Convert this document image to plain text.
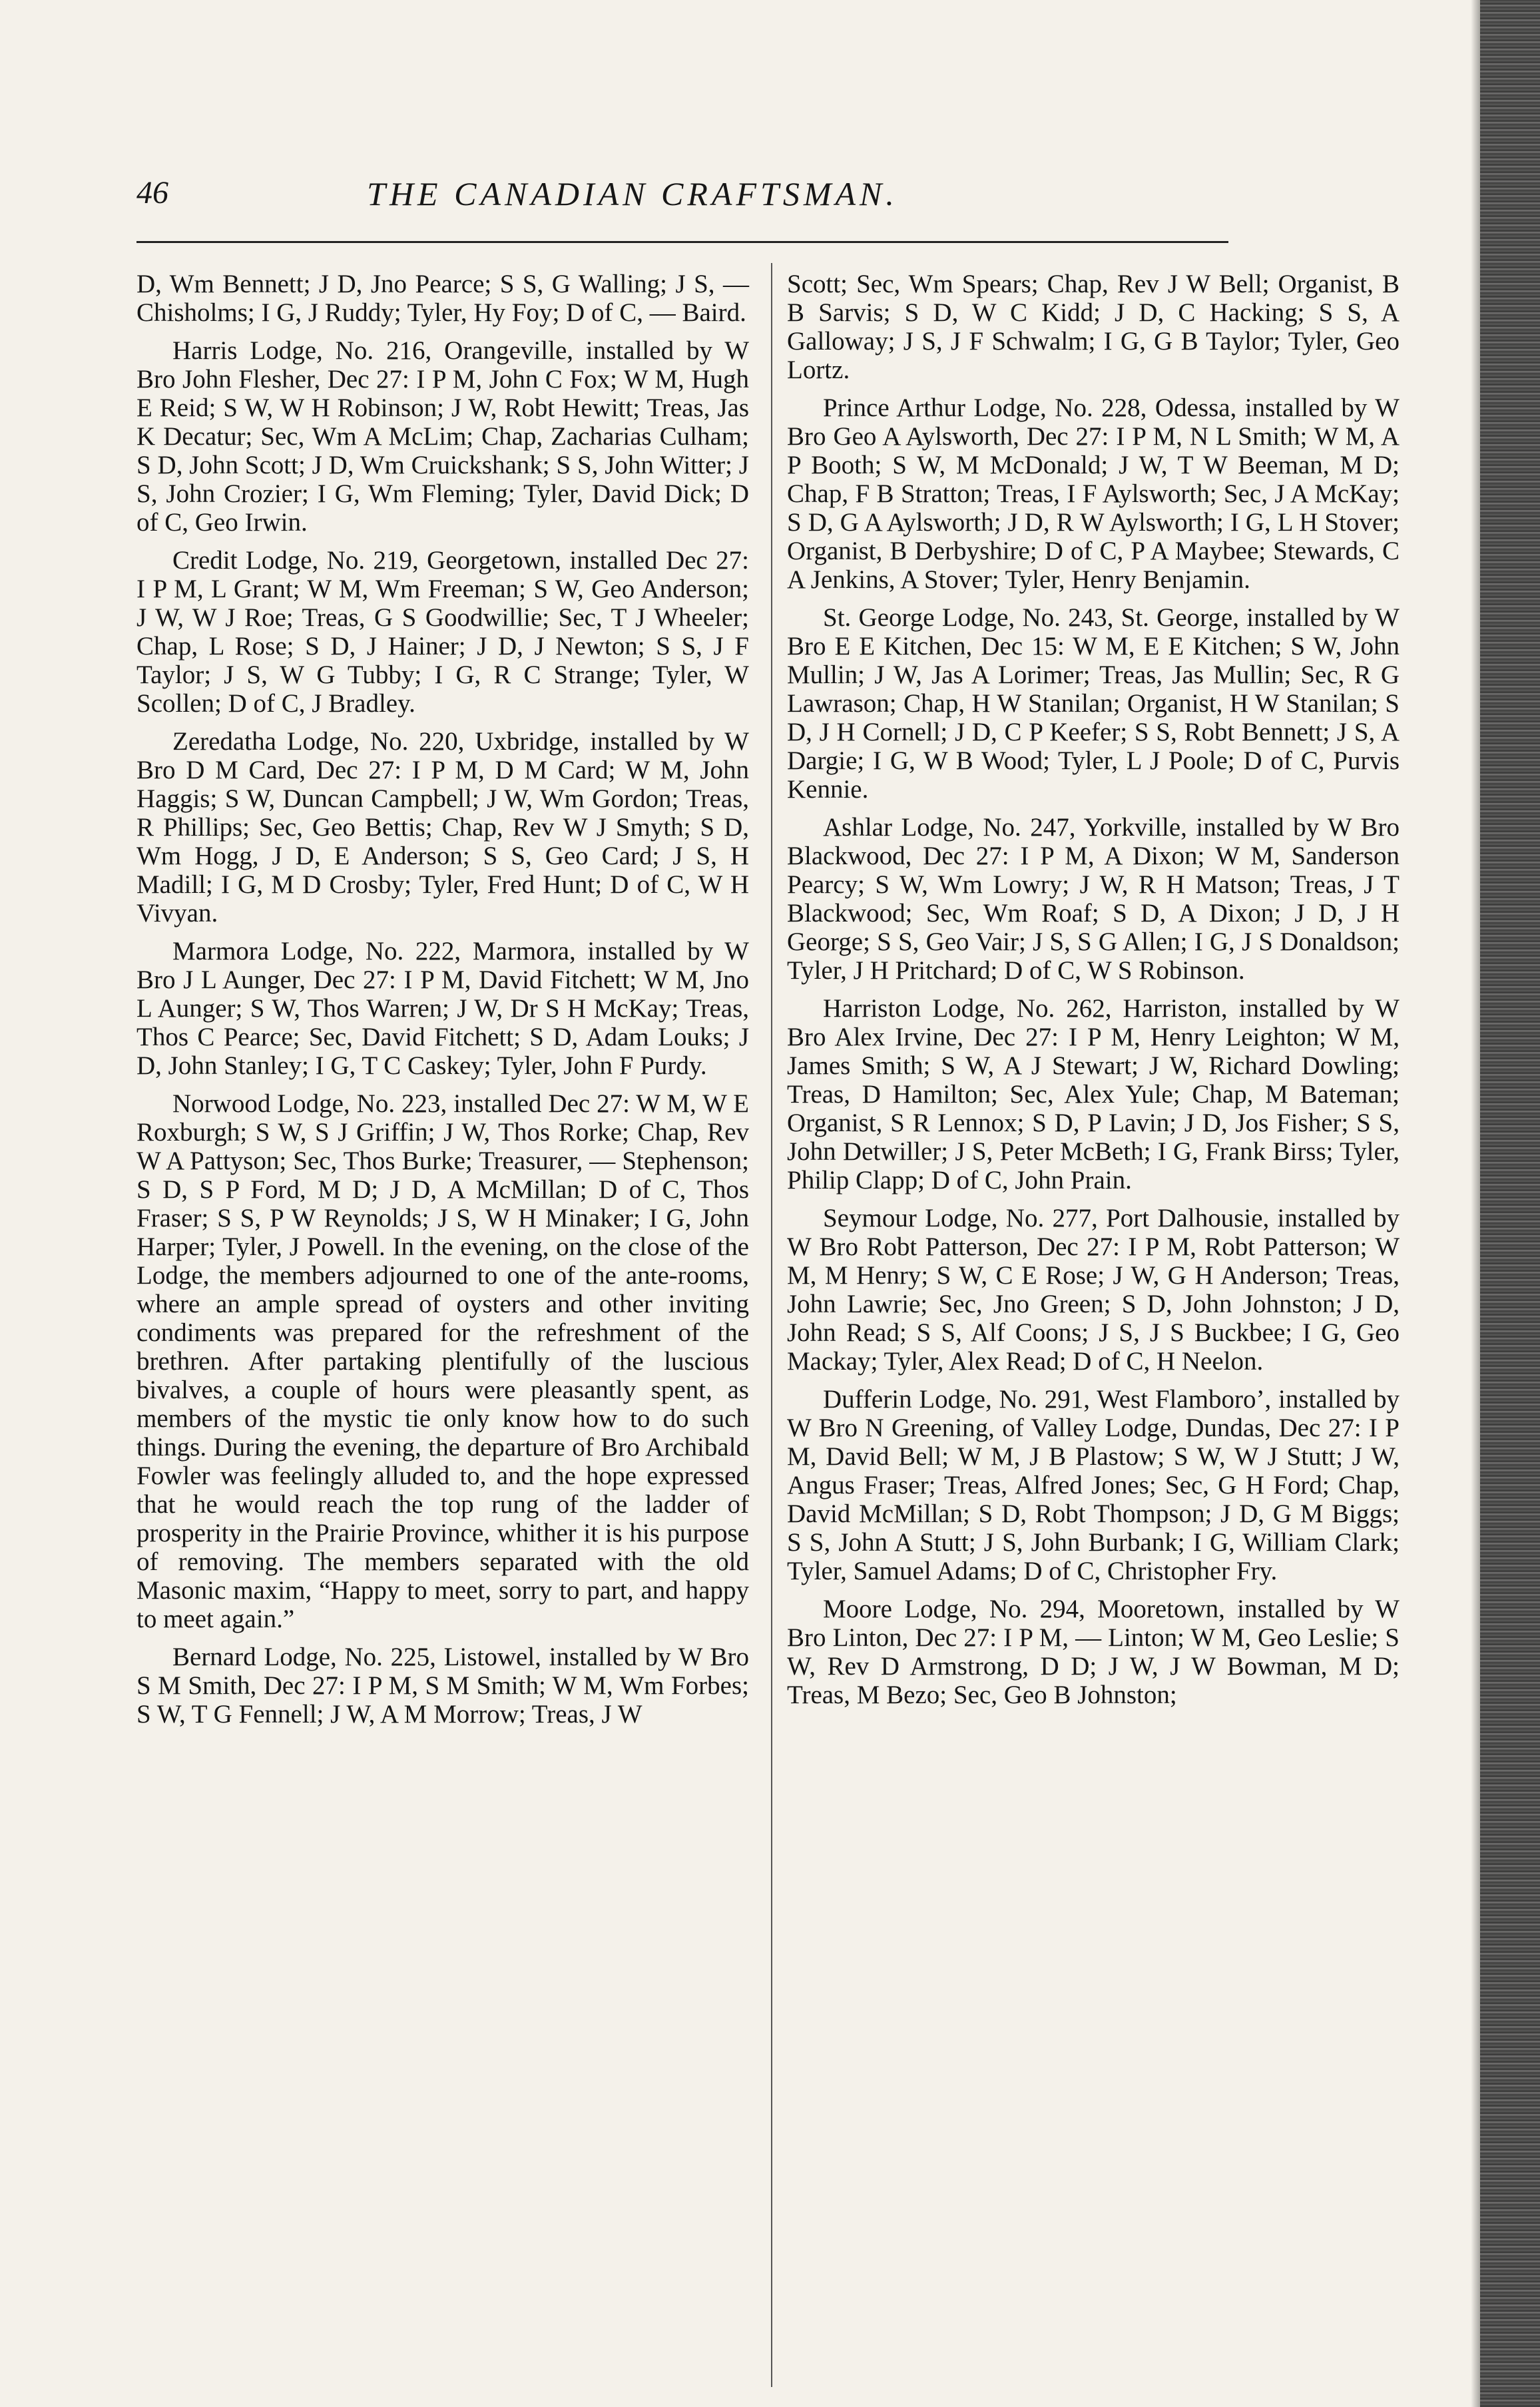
46	THE CANADIAN CRAFTSMAN.

D, Wm Bennett; J D, Jno Pearce; S S, G Walling; J S, — Chisholms; I G, J Ruddy; Tyler, Hy Foy; D of C, — Baird.

Harris Lodge, No. 216, Orangeville, installed by W Bro John Flesher, Dec 27: I P M, John C Fox; W M, Hugh E Reid; S W, W H Robinson; J W, Robt Hewitt; Treas, Jas K Decatur; Sec, Wm A McLim; Chap, Zacharias Culham; S D, John Scott; J D, Wm Cruickshank; S S, John Witter; J S, John Crozier; I G, Wm Fleming; Tyler, David Dick; D of C, Geo Irwin.

Credit Lodge, No. 219, Georgetown, installed Dec 27: I P M, L Grant; W M, Wm Freeman; S W, Geo Anderson; J W, W J Roe; Treas, G S Goodwillie; Sec, T J Wheeler; Chap, L Rose; S D, J Hainer; J D, J Newton; S S, J F Taylor; J S, W G Tubby; I G, R C Strange; Tyler, W Scollen; D of C, J Bradley.

Zeredatha Lodge, No. 220, Uxbridge, installed by W Bro D M Card, Dec 27: I P M, D M Card; W M, John Haggis; S W, Duncan Campbell; J W, Wm Gordon; Treas, R Phillips; Sec, Geo Bettis; Chap, Rev W J Smyth; S D, Wm Hogg, J D, E Anderson; S S, Geo Card; J S, H Madill; I G, M D Crosby; Tyler, Fred Hunt; D of C, W H Vivyan.

Marmora Lodge, No. 222, Marmora, installed by W Bro J L Aunger, Dec 27: I P M, David Fitchett; W M, Jno L Aunger; S W, Thos Warren; J W, Dr S H McKay; Treas, Thos C Pearce; Sec, David Fitchett; S D, Adam Louks; J D, John Stanley; I G, T C Caskey; Tyler, John F Purdy.

Norwood Lodge, No. 223, installed Dec 27: W M, W E Roxburgh; S W, S J Griffin; J W, Thos Rorke; Chap, Rev W A Pattyson; Sec, Thos Burke; Treasurer, — Stephenson; S D, S P Ford, M D; J D, A McMillan; D of C, Thos Fraser; S S, P W Reynolds; J S, W H Minaker; I G, John Harper; Tyler, J Powell. In the evening, on the close of the Lodge, the members adjourned to one of the ante-rooms, where an ample spread of oysters and other inviting condiments was prepared for the refreshment of the brethren. After partaking plentifully of the luscious bivalves, a couple of hours were pleasantly spent, as members of the mystic tie only know how to do such things. During the evening, the departure of Bro Archibald Fowler was feelingly alluded to, and the hope expressed that he would reach the top rung of the ladder of prosperity in the Prairie Province, whither it is his purpose of removing. The members separated with the old Masonic maxim, “Happy to meet, sorry to part, and happy to meet again.”

Bernard Lodge, No. 225, Listowel, installed by W Bro S M Smith, Dec 27: I P M, S M Smith; W M, Wm Forbes; S W, T G Fennell; J W, A M Morrow; Treas, J W

Scott; Sec, Wm Spears; Chap, Rev J W Bell; Organist, B B Sarvis; S D, W C Kidd; J D, C Hacking; S S, A Galloway; J S, J F Schwalm; I G, G B Taylor; Tyler, Geo Lortz.

Prince Arthur Lodge, No. 228, Odessa, installed by W Bro Geo A Aylsworth, Dec 27: I P M, N L Smith; W M, A P Booth; S W, M McDonald; J W, T W Beeman, M D; Chap, F B Stratton; Treas, I F Aylsworth; Sec, J A McKay; S D, G A Aylsworth; J D, R W Aylsworth; I G, L H Stover; Organist, B Derbyshire; D of C, P A Maybee; Stewards, C A Jenkins, A Stover; Tyler, Henry Benjamin.

St. George Lodge, No. 243, St. George, installed by W Bro E E Kitchen, Dec 15: W M, E E Kitchen; S W, John Mullin; J W, Jas A Lorimer; Treas, Jas Mullin; Sec, R G Lawrason; Chap, H W Stanilan; Organist, H W Stanilan; S D, J H Cornell; J D, C P Keefer; S S, Robt Bennett; J S, A Dargie; I G, W B Wood; Tyler, L J Poole; D of C, Purvis Kennie.

Ashlar Lodge, No. 247, Yorkville, installed by W Bro Blackwood, Dec 27: I P M, A Dixon; W M, Sanderson Pearcy; S W, Wm Lowry; J W, R H Matson; Treas, J T Blackwood; Sec, Wm Roaf; S D, A Dixon; J D, J H George; S S, Geo Vair; J S, S G Allen; I G, J S Donaldson; Tyler, J H Pritchard; D of C, W S Robinson.

Harriston Lodge, No. 262, Harriston, installed by W Bro Alex Irvine, Dec 27: I P M, Henry Leighton; W M, James Smith; S W, A J Stewart; J W, Richard Dowling; Treas, D Hamilton; Sec, Alex Yule; Chap, M Bateman; Organist, S R Lennox; S D, P Lavin; J D, Jos Fisher; S S, John Detwiller; J S, Peter McBeth; I G, Frank Birss; Tyler, Philip Clapp; D of C, John Prain.

Seymour Lodge, No. 277, Port Dalhousie, installed by W Bro Robt Patterson, Dec 27: I P M, Robt Patterson; W M, M Henry; S W, C E Rose; J W, G H Anderson; Treas, John Lawrie; Sec, Jno Green; S D, John Johnston; J D, John Read; S S, Alf Coons; J S, J S Buckbee; I G, Geo Mackay; Tyler, Alex Read; D of C, H Neelon.

Dufferin Lodge, No. 291, West Flamboro’, installed by W Bro N Greening, of Valley Lodge, Dundas, Dec 27: I P M, David Bell; W M, J B Plastow; S W, W J Stutt; J W, Angus Fraser; Treas, Alfred Jones; Sec, G H Ford; Chap, David McMillan; S D, Robt Thompson; J D, G M Biggs; S S, John A Stutt; J S, John Burbank; I G, William Clark; Tyler, Samuel Adams; D of C, Christopher Fry.

Moore Lodge, No. 294, Mooretown, installed by W Bro Linton, Dec 27: I P M, — Linton; W M, Geo Leslie; S W, Rev D Armstrong, D D; J W, J W Bowman, M D; Treas, M Bezo; Sec, Geo B Johnston;
